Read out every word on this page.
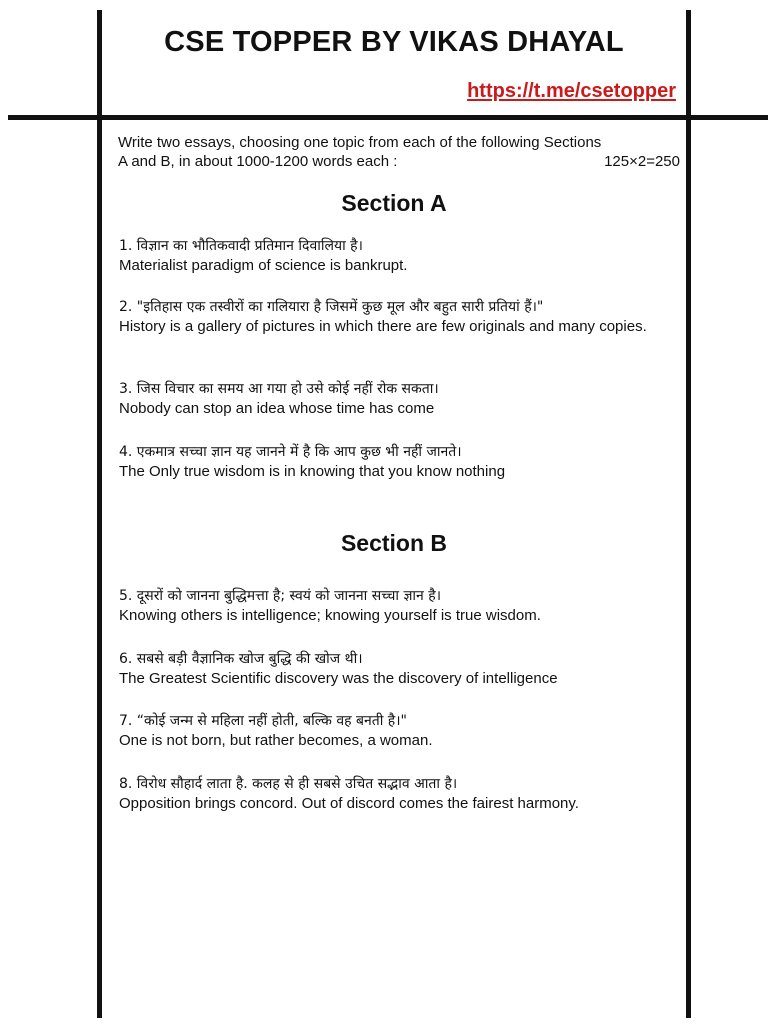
CSE TOPPER BY VIKAS DHAYAL
https://t.me/csetopper
Write two essays, choosing one topic from each of the following Sections
A and B, in about 1000-1200 words each :	125×2=250
Section A
1. विज्ञान का भौतिकवादी प्रतिमान दिवालिया है।
Materialist paradigm of science is bankrupt.
2. "इतिहास एक तस्वीरों का गलियारा है जिसमें कुछ मूल और बहुत सारी प्रतियां हैं।"
History is a gallery of pictures in which there are few originals and many copies.
3. जिस विचार का समय आ गया हो उसे कोई नहीं रोक सकता।
Nobody can stop an idea whose time has come
4. एकमात्र सच्चा ज्ञान यह जानने में है कि आप कुछ भी नहीं जानते।
The Only true wisdom is in knowing that you know nothing
Section B
5. दूसरों को जानना बुद्धिमत्ता है; स्वयं को जानना सच्चा ज्ञान है।
Knowing others is intelligence; knowing yourself is true wisdom.
6. सबसे बड़ी वैज्ञानिक खोज बुद्धि की खोज थी।
The Greatest Scientific discovery was the discovery of intelligence
7. “कोई जन्म से महिला नहीं होती, बल्कि वह बनती है।"
One is not born, but rather becomes, a woman.
8. विरोध सौहार्द लाता है. कलह से ही सबसे उचित सद्भाव आता है।
Opposition brings concord. Out of discord comes the fairest harmony.
